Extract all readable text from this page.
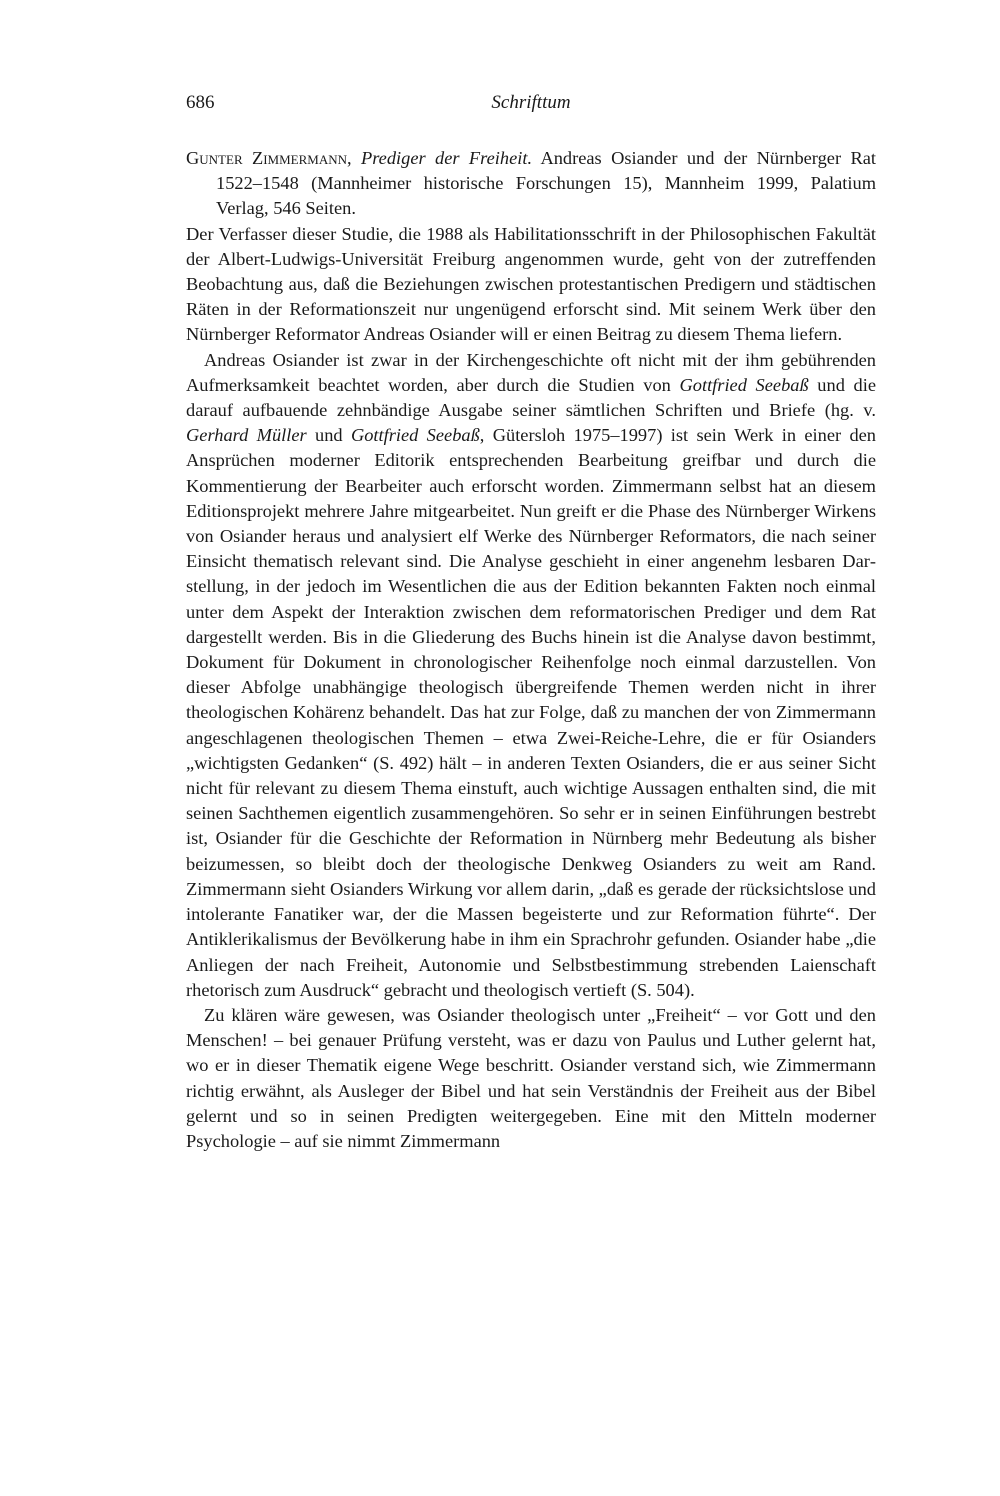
686	Schrifttum

Gunter Zimmermann, Prediger der Freiheit. Andreas Osiander und der Nürnberger Rat 1522–1548 (Mannheimer historische Forschungen 15), Mannheim 1999, Palatium Verlag, 546 Seiten.

Der Verfasser dieser Studie, die 1988 als Habilitationsschrift in der Philosophischen Fakultät der Albert-Ludwigs-Universität Freiburg angenommen wurde, geht von der zutreffenden Beobachtung aus, daß die Beziehungen zwischen protestantischen Predigern und städtischen Räten in der Reformationszeit nur ungenügend erforscht sind. Mit seinem Werk über den Nürnberger Reformator Andreas Osiander will er einen Beitrag zu diesem Thema liefern.

Andreas Osiander ist zwar in der Kirchengeschichte oft nicht mit der ihm gebührenden Aufmerksamkeit beachtet worden, aber durch die Studien von Gottfried Seebaß und die darauf aufbauende zehnbändige Ausgabe seiner sämtlichen Schriften und Briefe (hg. v. Gerhard Müller und Gottfried Seebaß, Gütersloh 1975–1997) ist sein Werk in einer den Ansprüchen moderner Editorik entsprechenden Bearbeitung greifbar und durch die Kommentierung der Bearbeiter auch erforscht worden. Zimmermann selbst hat an diesem Editionsprojekt mehrere Jahre mitgearbeitet. Nun greift er die Phase des Nürnberger Wirkens von Osiander heraus und analysiert elf Werke des Nürnberger Reformators, die nach seiner Einsicht thematisch relevant sind. Die Analyse geschieht in einer angenehm lesbaren Darstellung, in der jedoch im Wesentlichen die aus der Edition bekannten Fakten noch einmal unter dem Aspekt der Interaktion zwischen dem reformatorischen Prediger und dem Rat dargestellt werden. Bis in die Gliederung des Buchs hinein ist die Analyse davon bestimmt, Dokument für Dokument in chronologischer Reihenfolge noch einmal darzustellen. Von dieser Abfolge unabhängige theologisch übergreifende Themen werden nicht in ihrer theologischen Kohärenz behandelt. Das hat zur Folge, daß zu manchen der von Zimmermann angeschlagenen theologischen Themen – etwa Zwei-Reiche-Lehre, die er für Osianders „wichtigsten Gedanken“ (S. 492) hält – in anderen Texten Osianders, die er aus seiner Sicht nicht für relevant zu diesem Thema einstuft, auch wichtige Aussagen enthalten sind, die mit seinen Sachthemen eigentlich zusammengehören. So sehr er in seinen Einführungen bestrebt ist, Osiander für die Geschichte der Reformation in Nürnberg mehr Bedeutung als bisher beizumessen, so bleibt doch der theologische Denkweg Osianders zu weit am Rand. Zimmermann sieht Osianders Wirkung vor allem darin, „daß es gerade der rücksichtslose und intolerante Fanatiker war, der die Massen begeisterte und zur Reformation führte“. Der Antiklerikalismus der Bevölkerung habe in ihm ein Sprachrohr gefunden. Osiander habe „die Anliegen der nach Freiheit, Autonomie und Selbstbestimmung strebenden Laienschaft rhetorisch zum Ausdruck“ gebracht und theologisch vertieft (S. 504).

Zu klären wäre gewesen, was Osiander theologisch unter „Freiheit“ – vor Gott und den Menschen! – bei genauer Prüfung versteht, was er dazu von Paulus und Luther gelernt hat, wo er in dieser Thematik eigene Wege beschritt. Osiander verstand sich, wie Zimmermann richtig erwähnt, als Ausleger der Bibel und hat sein Verständnis der Freiheit aus der Bibel gelernt und so in seinen Predigten weitergegeben. Eine mit den Mitteln moderner Psychologie – auf sie nimmt Zimmermann
